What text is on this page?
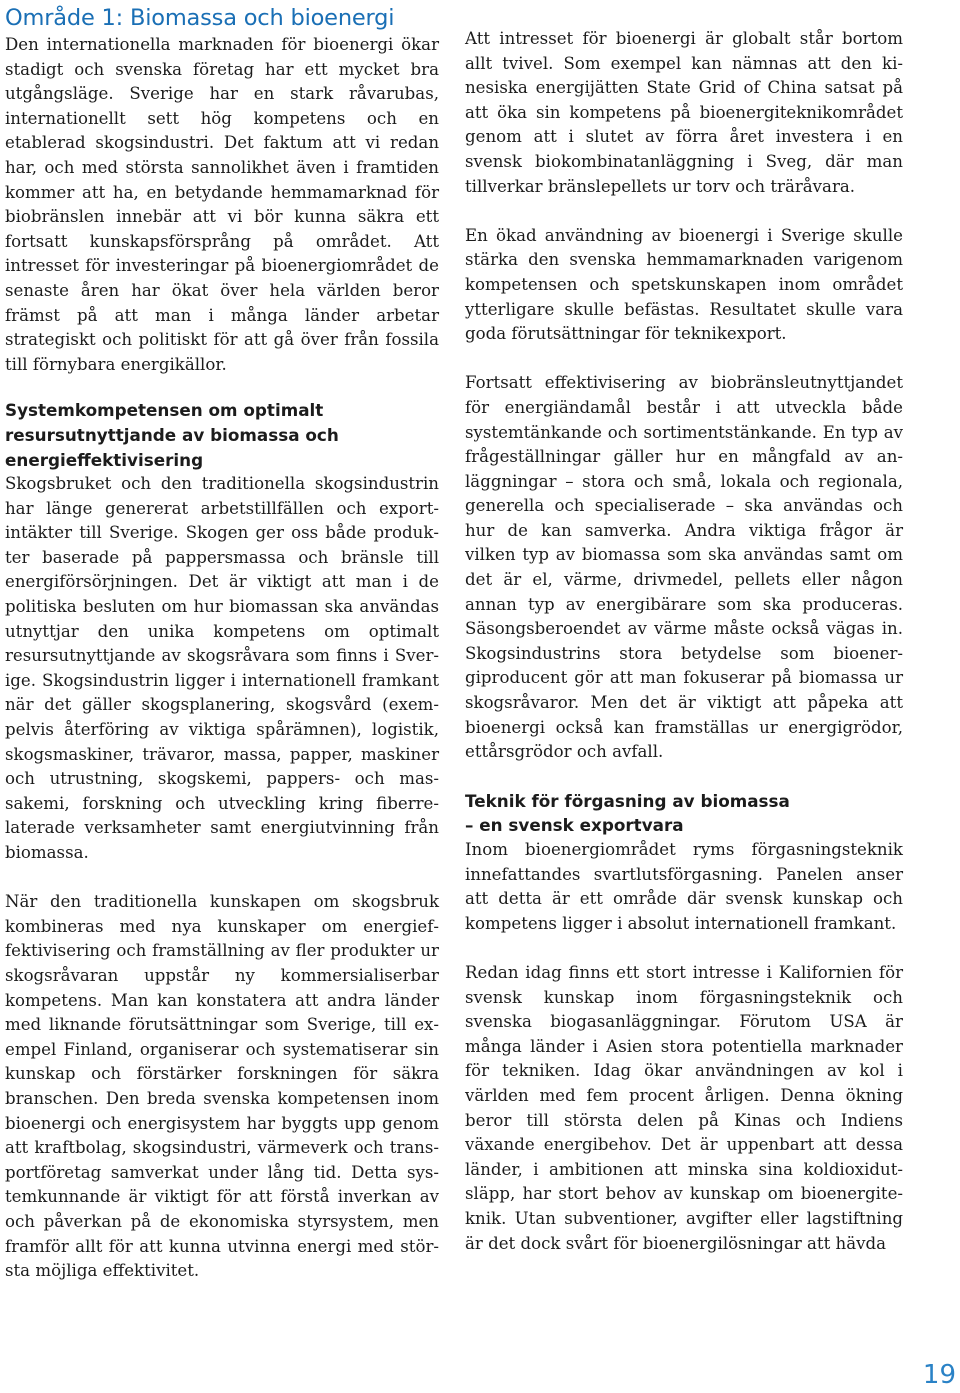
Område 1: Biomassa och bioenergi

Den internationella marknaden för bioenergi ökar stadigt och svenska företag har ett mycket bra utgångsläge. Sverige har en stark råvarubas, internationellt sett hög kompetens och en etablerad skogsindustri. Det faktum att vi redan har, och med största sannolikhet även i framtiden kommer att ha, en betydande hemmamarknad för biobränslen innebär att vi bör kunna säkra ett fortsatt kunskapsförsprång på området. Att intresset för investeringar på bioenergiområdet de senaste åren har ökat över hela världen beror främst på att man i många länder arbetar strategiskt och politiskt för att gå över från fossila till förnybara energikällor.

Systemkompetensen om optimalt resursutnyttjande av biomassa och energieffektivisering

Skogsbruket och den traditionella skogsindustrin har länge genererat arbetstillfällen och exportintäkter till Sverige. Skogen ger oss både produkter baserade på pappersmassa och bränsle till energiförsörjningen. Det är viktigt att man i de politiska besluten om hur biomassan ska användas utnyttjar den unika kompetens om optimalt resursutnyttjande av skogsråvara som finns i Sverige. Skogsindustrin ligger i internationell framkant när det gäller skogsplanering, skogsvård (exempelvis återföring av viktiga spårämnen), logistik, skogsmaskiner, trävaror, massa, papper, maskiner och utrustning, skogskemi, pappers- och massakemi, forskning och utveckling kring fiberrelaterade verksamheter samt energiutvinning från biomassa.

När den traditionella kunskapen om skogsbruk kombineras med nya kunskaper om energieffektivisering och framställning av fler produkter ur skogsråvaran uppstår ny kommersialiserbar kompetens. Man kan konstatera att andra länder med liknande förutsättningar som Sverige, till exempel Finland, organiserar och systematiserar sin kunskap och förstärker forskningen för säkra branschen. Den breda svenska kompetensen inom bioenergi och energisystem har byggts upp genom att kraftbolag, skogsindustri, värmeverk och transportföretag samverkat under lång tid. Detta systemkunnande är viktigt för att förstå inverkan av och påverkan på de ekonomiska styrsystem, men framför allt för att kunna utvinna energi med största möjliga effektivitet.

Att intresset för bioenergi är globalt står bortom allt tvivel. Som exempel kan nämnas att den kinesiska energijätten State Grid of China satsat på att öka sin kompetens på bioenergiteknikområdet genom att i slutet av förra året investera i en svensk biokombinatanläggning i Sveg, där man tillverkar bränslepellets ur torv och träråvara.

En ökad användning av bioenergi i Sverige skulle stärka den svenska hemmamarknaden varigenom kompetensen och spetskunskapen inom området ytterligare skulle befästas. Resultatet skulle vara goda förutsättningar för teknikexport.

Fortsatt effektivisering av biobränsleutnyttjandet för energiändamål består i att utveckla både systemtänkande och sortimentstänkande. En typ av frågeställningar gäller hur en mångfald av anläggningar – stora och små, lokala och regionala, generella och specialiserade – ska användas och hur de kan samverka. Andra viktiga frågor är vilken typ av biomassa som ska användas samt om det är el, värme, drivmedel, pellets eller någon annan typ av energibärare som ska produceras. Säsongsberoendet av värme måste också vägas in. Skogsindustrins stora betydelse som bioenergiproducent gör att man fokuserar på biomassa ur skogsråvaror. Men det är viktigt att påpeka att bioenergi också kan framställas ur energigrödor, ettårsgrödor och avfall.

Teknik för förgasning av biomassa
– en svensk exportvara

Inom bioenergiområdet ryms förgasningsteknik innefattandes svartlutsförgasning. Panelen anser att detta är ett område där svensk kunskap och kompetens ligger i absolut internationell framkant.

Redan idag finns ett stort intresse i Kalifornien för svensk kunskap inom förgasningsteknik och svenska biogasanläggningar. Förutom USA är många länder i Asien stora potentiella marknader för tekniken. Idag ökar användningen av kol i världen med fem procent årligen. Denna ökning beror till största delen på Kinas och Indiens växande energibehov. Det är uppenbart att dessa länder, i ambitionen att minska sina koldioxidutsläpp, har stort behov av kunskap om bioenergiteknik. Utan subventioner, avgifter eller lagstiftning är det dock svårt för bioenergilösningar att hävda

19
